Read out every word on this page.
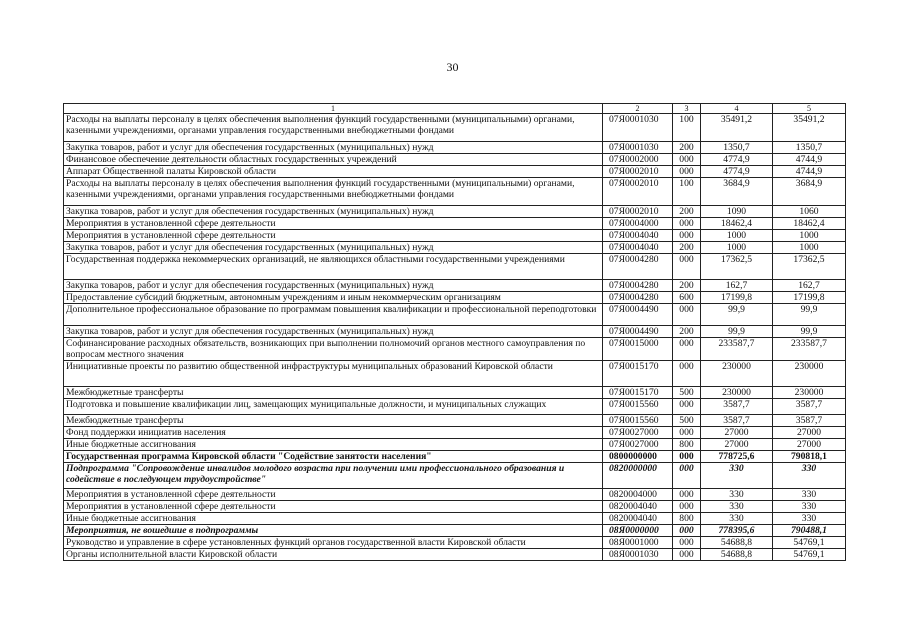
30
1	2	3	4	5
Расходы на выплаты персоналу в целях обеспечения выполнения функций государственными (муниципальными) органами, казенными учреждениями, органами управления государственными внебюджетными фондами	07Я0001030	100	35491,2	35491,2
Закупка товаров, работ и услуг для обеспечения государственных (муниципальных) нужд	07Я0001030	200	1350,7	1350,7
Финансовое обеспечение деятельности областных государственных учреждений	07Я0002000	000	4774,9	4744,9
Аппарат Общественной палаты Кировской области	07Я0002010	000	4774,9	4744,9
Расходы на выплаты персоналу в целях обеспечения выполнения функций государственными (муниципальными) органами, казенными учреждениями, органами управления государственными внебюджетными фондами	07Я0002010	100	3684,9	3684,9
Закупка товаров, работ и услуг для обеспечения государственных (муниципальных) нужд	07Я0002010	200	1090	1060
Мероприятия в установленной сфере деятельности	07Я0004000	000	18462,4	18462,4
Мероприятия в установленной сфере деятельности	07Я0004040	000	1000	1000
Закупка товаров, работ и услуг для обеспечения государственных (муниципальных) нужд	07Я0004040	200	1000	1000
Государственная поддержка некоммерческих организаций, не являющихся областными государственными учреждениями	07Я0004280	000	17362,5	17362,5
Закупка товаров, работ и услуг для обеспечения государственных (муниципальных) нужд	07Я0004280	200	162,7	162,7
Предоставление субсидий бюджетным, автономным учреждениям и иным некоммерческим организациям	07Я0004280	600	17199,8	17199,8
Дополнительное профессиональное образование по программам повышения квалификации и профессиональной переподготовки	07Я0004490	000	99,9	99,9
Закупка товаров, работ и услуг для обеспечения государственных (муниципальных) нужд	07Я0004490	200	99,9	99,9
Софинансирование расходных обязательств, возникающих при выполнении полномочий органов местного самоуправления по вопросам местного значения	07Я0015000	000	233587,7	233587,7
Инициативные проекты по развитию общественной инфраструктуры муниципальных образований Кировской области	07Я0015170	000	230000	230000
Межбюджетные трансферты	07Я0015170	500	230000	230000
Подготовка и повышение квалификации лиц, замещающих муниципальные должности, и муниципальных служащих	07Я0015560	000	3587,7	3587,7
Межбюджетные трансферты	07Я0015560	500	3587,7	3587,7
Фонд поддержки инициатив населения	07Я0027000	000	27000	27000
Иные бюджетные ассигнования	07Я0027000	800	27000	27000
Государственная программа Кировской области "Содействие занятости населения"	0800000000	000	778725,6	790818,1
Подпрограмма "Сопровождение инвалидов молодого возраста при получении ими профессионального образования и содействие в последующем трудоустройстве"	0820000000	000	330	330
Мероприятия в установленной сфере деятельности	0820004000	000	330	330
Мероприятия в установленной сфере деятельности	0820004040	000	330	330
Иные бюджетные ассигнования	0820004040	800	330	330
Мероприятия, не вошедшие в подпрограммы	08Я0000000	000	778395,6	790488,1
Руководство и управление в сфере установленных функций органов государственной власти Кировской области	08Я0001000	000	54688,8	54769,1
Органы исполнительной власти Кировской области	08Я0001030	000	54688,8	54769,1
